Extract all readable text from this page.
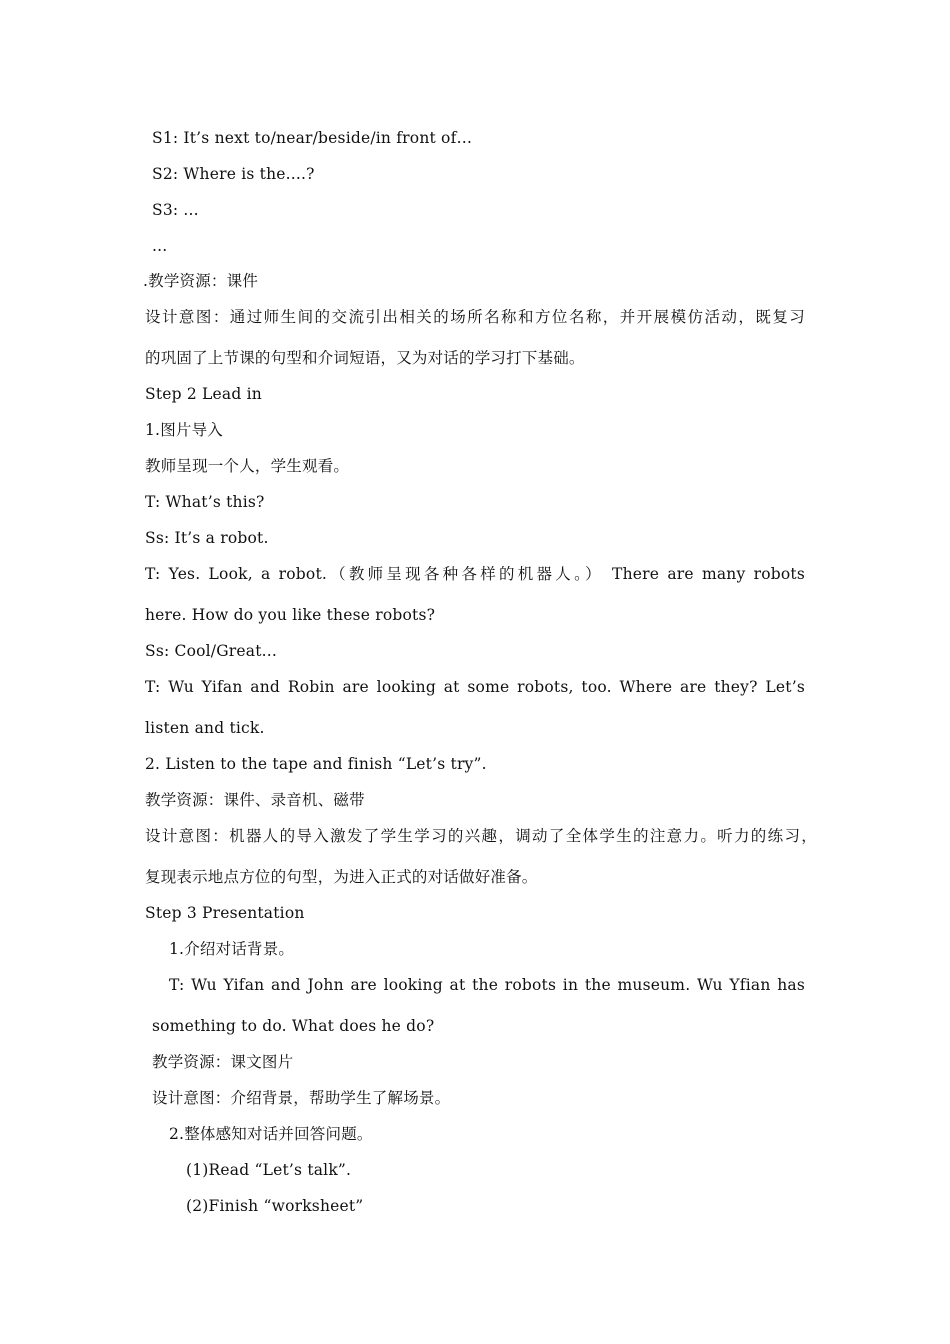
S1: It’s next to/near/beside/in front of…
S2: Where is the....?
S3: ...
...
.教学资源：课件
设计意图：通过师生间的交流引出相关的场所名称和方位名称，并开展模仿活动，既复习
的巩固了上节课的句型和介词短语，又为对话的学习打下基础。
Step 2 Lead in
1.图片导入
教师呈现一个人，学生观看。
T: What’s this?
Ss: It’s a robot.
T: Yes. Look, a robot.（教师呈现各种各样的机器人。） There are many robots
here. How do you like these robots?
Ss: Cool/Great...
T: Wu Yifan and Robin are looking at some robots, too. Where are they? Let’s
listen and tick.
2. Listen to the tape and finish “Let’s try”.
教学资源：课件、录音机、磁带
设计意图：机器人的导入激发了学生学习的兴趣，调动了全体学生的注意力。听力的练习，
复现表示地点方位的句型，为进入正式的对话做好准备。
Step 3 Presentation
1.介绍对话背景。
T: Wu Yifan and John are looking at the robots in the museum. Wu Yfian has
something to do. What does he do?
教学资源：课文图片
设计意图：介绍背景，帮助学生了解场景。
2.整体感知对话并回答问题。
(1)Read “Let’s talk”.
(2)Finish “worksheet”
